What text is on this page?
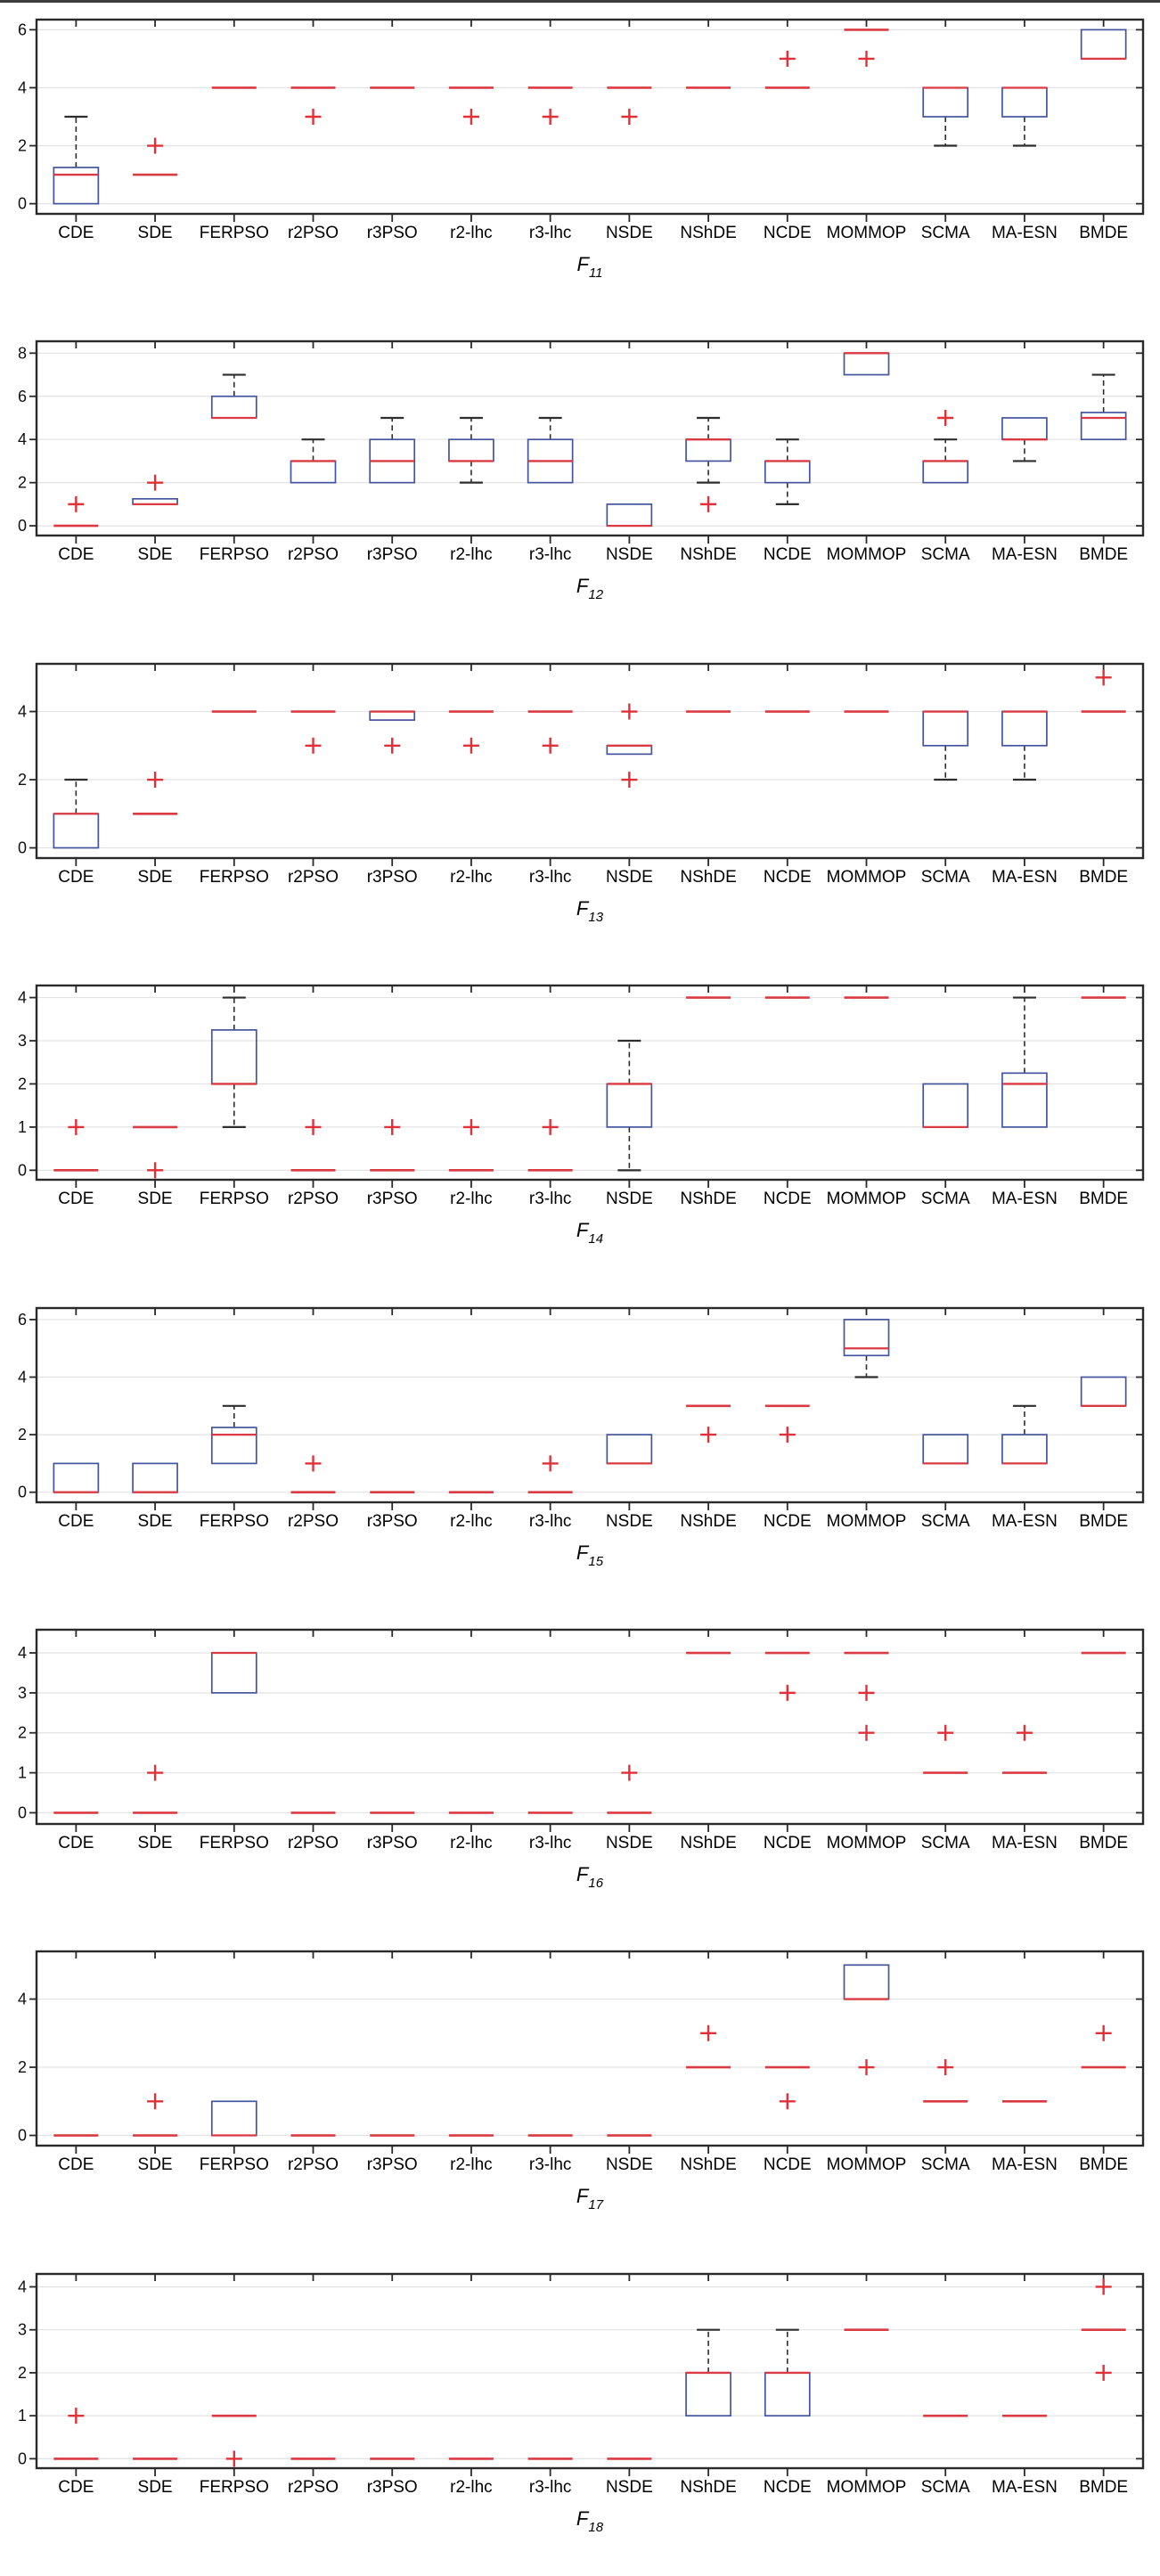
0
2
4
6
CDE	SDE FERPSO r2PSO r3PSO r2-lhc r3-lhc NSDE NShDE NCDE MOMMOP SCMA MA-ESN BMDE
$F_{11}$
0
2
4
6
8
CDE	SDE FERPSO r2PSO r3PSO r2-lhc r3-lhc NSDE NShDE NCDE MOMMOP SCMA MA-ESN BMDE
$F_{12}$
0
2
4
CDE	SDE FERPSO r2PSO r3PSO r2-lhc r3-lhc NSDE NShDE NCDE MOMMOP SCMA MA-ESN BMDE
$F_{13}$
0
1
2
3
4
CDE	SDE FERPSO r2PSO r3PSO r2-lhc r3-lhc NSDE NShDE NCDE MOMMOP SCMA MA-ESN BMDE
$F_{14}$
0
2
4
6
CDE	SDE FERPSO r2PSO r3PSO r2-lhc r3-lhc NSDE NShDE NCDE MOMMOP SCMA MA-ESN BMDE
$F_{15}$
0
1
2
3
4
CDE	SDE FERPSO r2PSO r3PSO r2-lhc r3-lhc NSDE NShDE NCDE MOMMOP SCMA MA-ESN BMDE
$F_{16}$
0
2
4
CDE	SDE FERPSO r2PSO r3PSO r2-lhc r3-lhc NSDE NShDE NCDE MOMMOP SCMA MA-ESN BMDE
$F_{17}$
0
1
2
3
4
CDE	SDE FERPSO r2PSO r3PSO r2-lhc r3-lhc NSDE NShDE NCDE MOMMOP SCMA MA-ESN BMDE
$F_{18}$
